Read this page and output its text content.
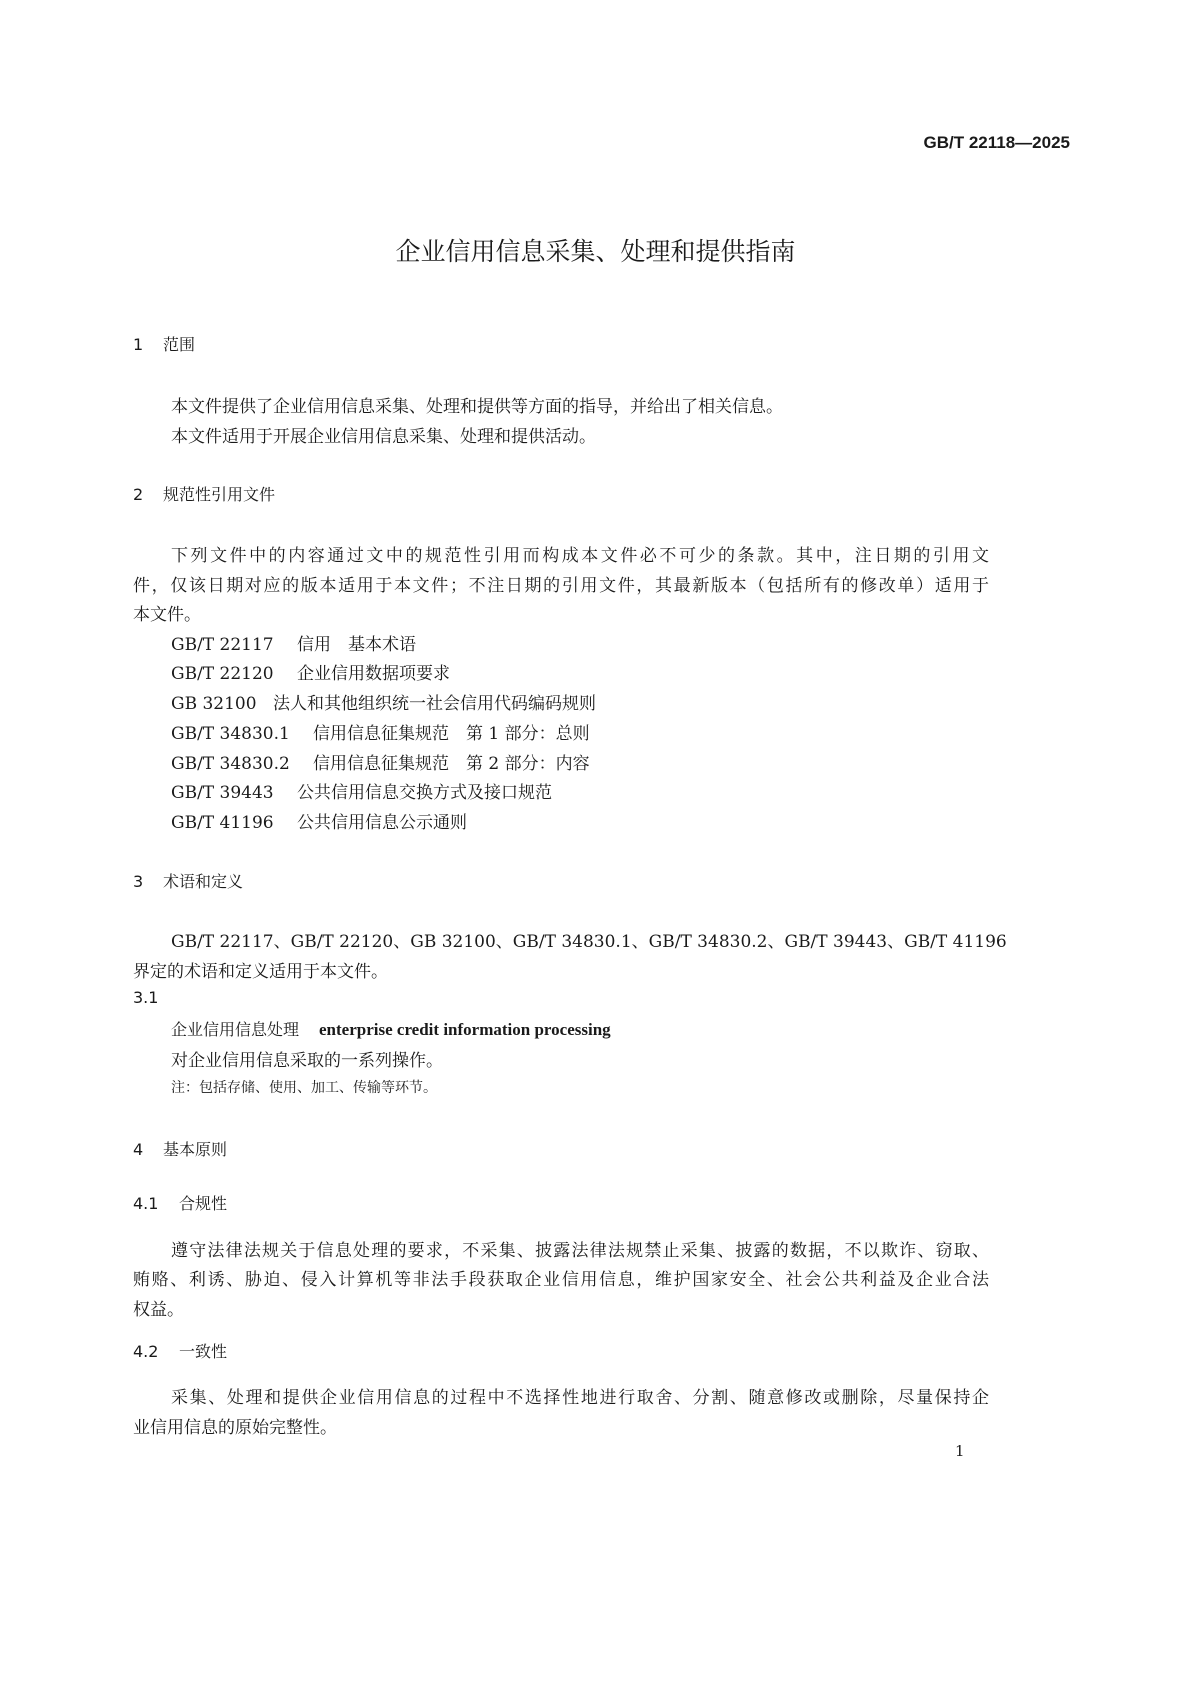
GB/T 22118—2025
企业信用信息采集、处理和提供指南
1 范围
本文件提供了企业信用信息采集、处理和提供等方面的指导，并给出了相关信息。
本文件适用于开展企业信用信息采集、处理和提供活动。
2 规范性引用文件
下列文件中的内容通过文中的规范性引用而构成本文件必不可少的条款。其中，注日期的引用文
件，仅该日期对应的版本适用于本文件；不注日期的引用文件，其最新版本（包括所有的修改单）适用于
本文件。
GB/T 22117 信用　基本术语
GB/T 22120 企业信用数据项要求
GB 32100 法人和其他组织统一社会信用代码编码规则
GB/T 34830.1 信用信息征集规范　第 1 部分：总则
GB/T 34830.2 信用信息征集规范　第 2 部分：内容
GB/T 39443 公共信用信息交换方式及接口规范
GB/T 41196 公共信用信息公示通则
3 术语和定义
GB/T 22117、GB/T 22120、GB 32100、GB/T 34830.1、GB/T 34830.2、GB/T 39443、GB/T 41196
界定的术语和定义适用于本文件。
3.1
企业信用信息处理 enterprise credit information processing
对企业信用信息采取的一系列操作。
注：包括存储、使用、加工、传输等环节。
4 基本原则
4.1 合规性
遵守法律法规关于信息处理的要求，不采集、披露法律法规禁止采集、披露的数据，不以欺诈、窃取、
贿赂、利诱、胁迫、侵入计算机等非法手段获取企业信用信息，维护国家安全、社会公共利益及企业合法
权益。
4.2 一致性
采集、处理和提供企业信用信息的过程中不选择性地进行取舍、分割、随意修改或删除，尽量保持企
业信用信息的原始完整性。
1
